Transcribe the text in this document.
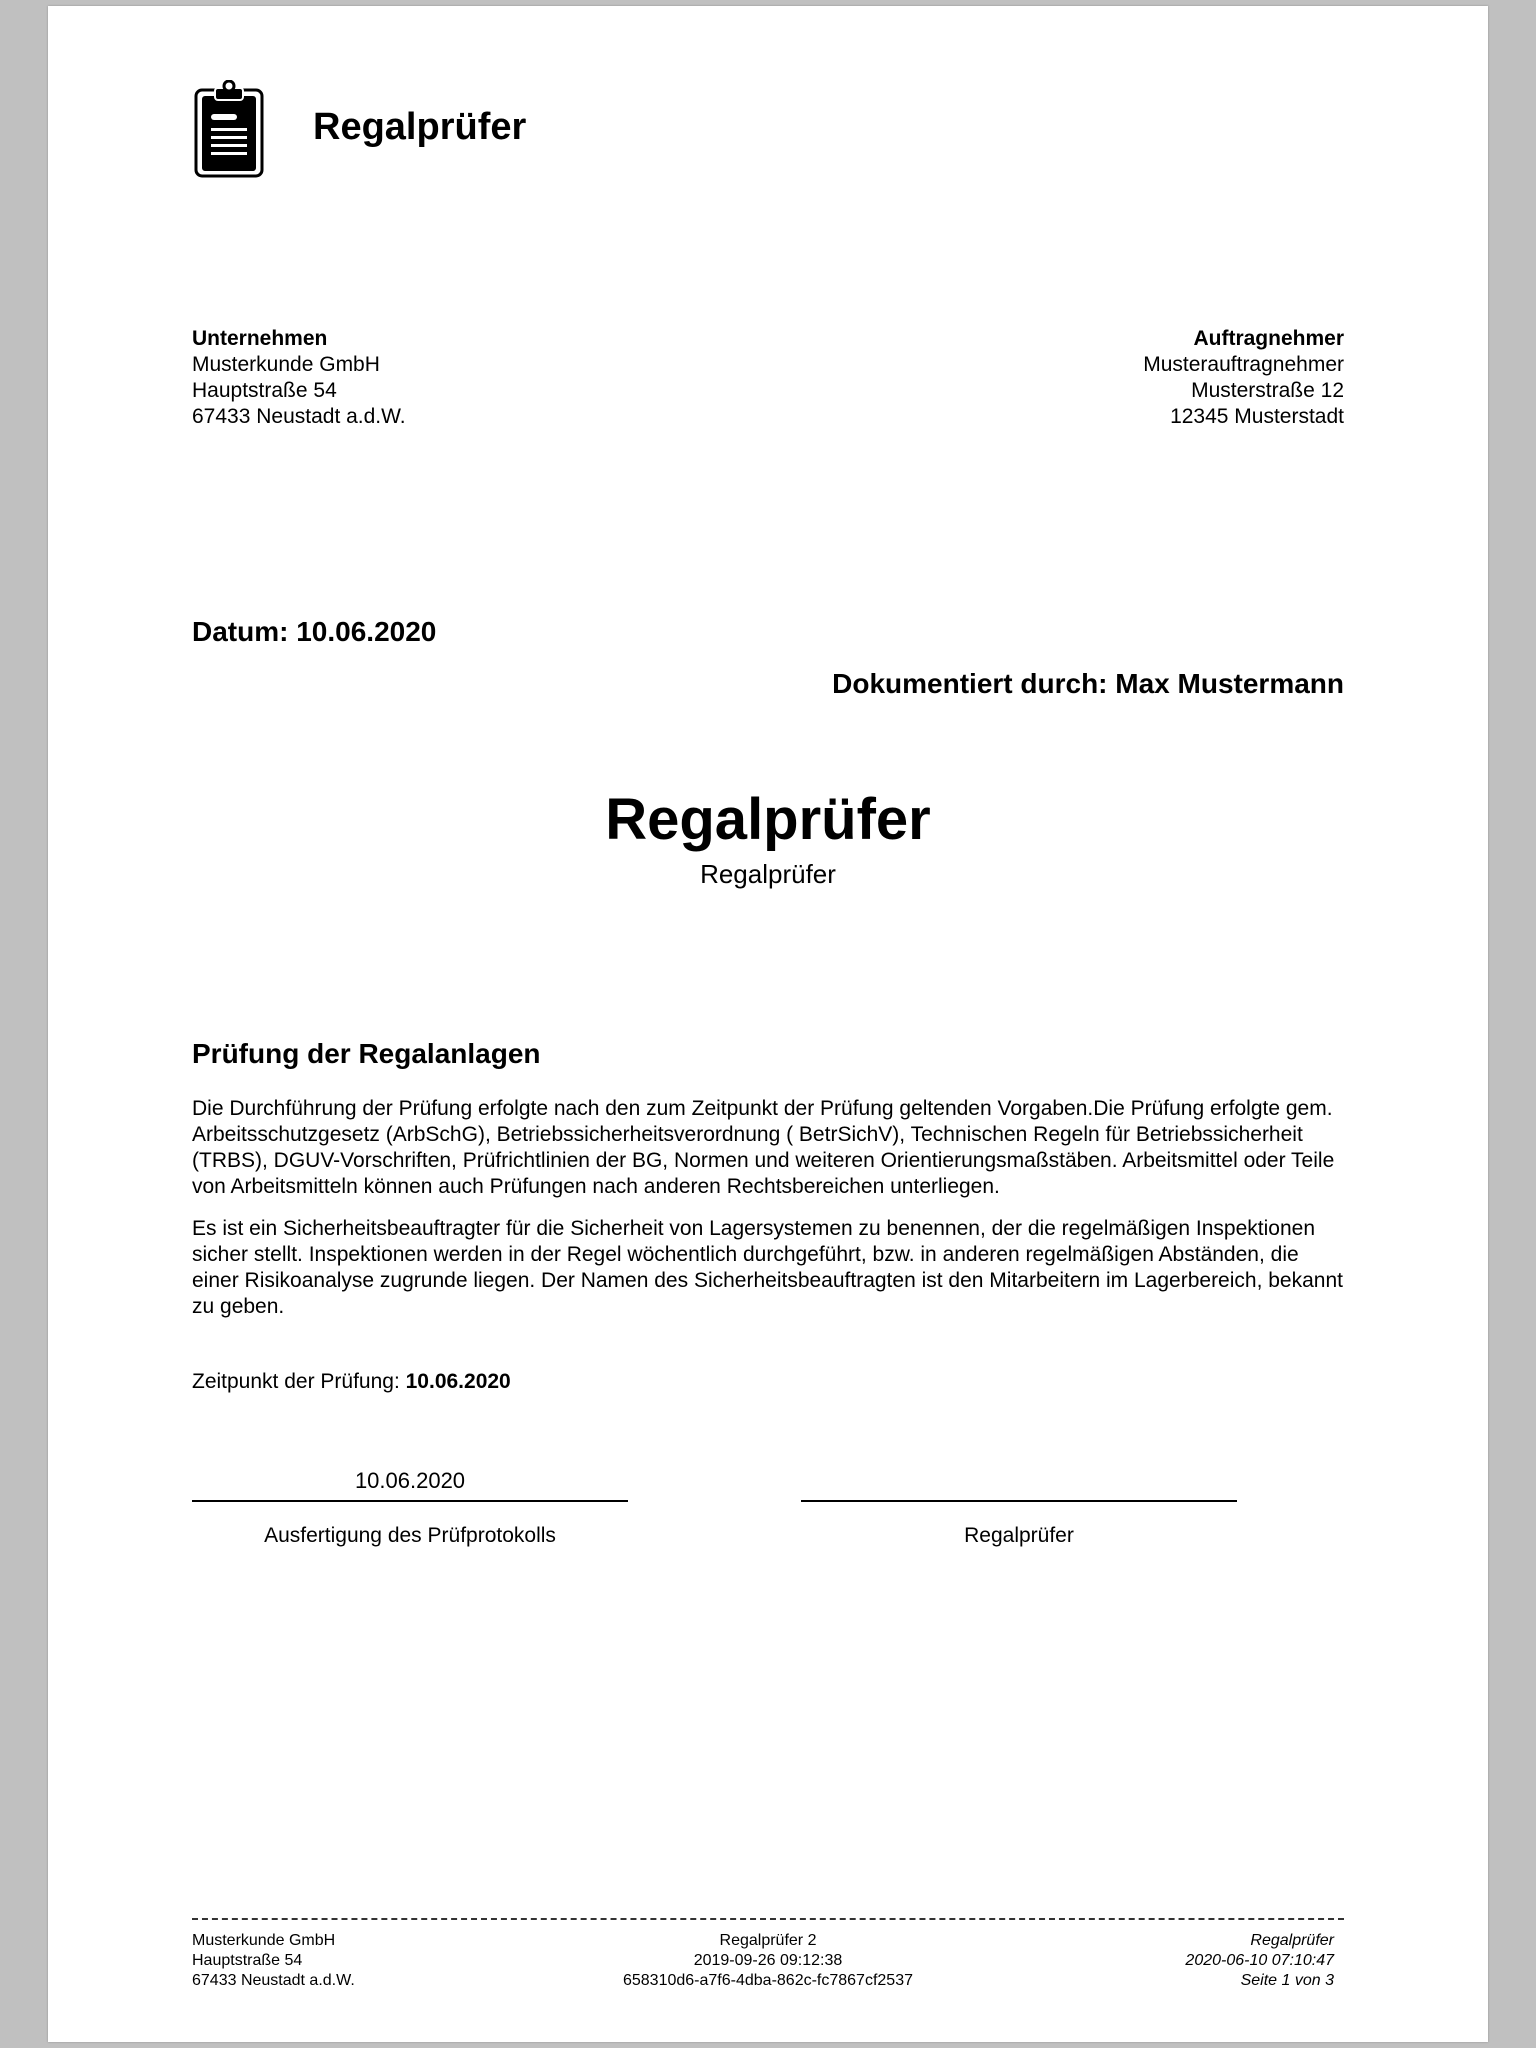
Regalprüfer
Unternehmen
Musterkunde GmbH
Hauptstraße 54
67433 Neustadt a.d.W.
Auftragnehmer
Musterauftragnehmer
Musterstraße 12
12345 Musterstadt
Datum: 10.06.2020
Dokumentiert durch: Max Mustermann
Regalprüfer
Regalprüfer
Prüfung der Regalanlagen

Die Durchführung der Prüfung erfolgte nach den zum Zeitpunkt der Prüfung geltenden Vorgaben.Die Prüfung erfolgte gem. Arbeitsschutzgesetz (ArbSchG), Betriebssicherheitsverordnung ( BetrSichV), Technischen Regeln für Betriebssicherheit (TRBS), DGUV-Vorschriften, Prüfrichtlinien der BG, Normen und weiteren Orientierungsmaßstäben. Arbeitsmittel oder Teile von Arbeitsmitteln können auch Prüfungen nach anderen Rechtsbereichen unterliegen.

Es ist ein Sicherheitsbeauftragter für die Sicherheit von Lagersystemen zu benennen, der die regelmäßigen Inspektionen sicher stellt. Inspektionen werden in der Regel wöchentlich durchgeführt, bzw. in anderen regelmäßigen Abständen, die einer Risikoanalyse zugrunde liegen. Der Namen des Sicherheitsbeauftragten ist den Mitarbeitern im Lagerbereich, bekannt zu geben.

Zeitpunkt der Prüfung: 10.06.2020
10.06.2020
Ausfertigung des Prüfprotokolls	Regalprüfer
Musterkunde GmbH
Hauptstraße 54
67433 Neustadt a.d.W.
Regalprüfer 2
2019-09-26 09:12:38
658310d6-a7f6-4dba-862c-fc7867cf2537
Regalprüfer
2020-06-10 07:10:47
Seite 1 von 3
